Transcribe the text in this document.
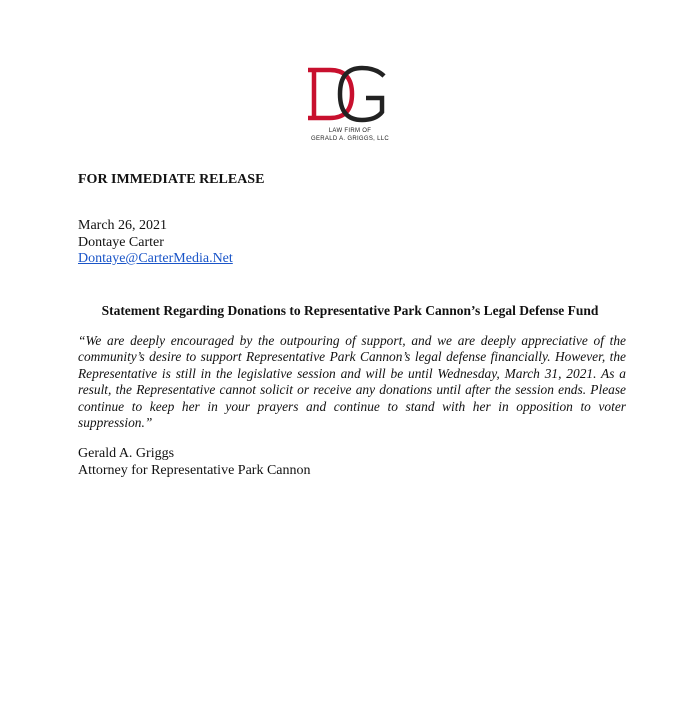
LAW FIRM OF
GERALD A. GRIGGS, LLC
FOR IMMEDIATE RELEASE
March 26, 2021
Dontaye Carter
Dontaye@CarterMedia.Net
Statement Regarding Donations to Representative Park Cannon’s Legal Defense Fund

“We are deeply encouraged by the outpouring of support, and we are deeply appreciative of the community’s desire to support Representative Park Cannon’s legal defense financially. However, the Representative is still in the legislative session and will be until Wednesday, March 31, 2021. As a result, the Representative cannot solicit or receive any donations until after the session ends. Please continue to keep her in your prayers and continue to stand with her in opposition to voter suppression.”

Gerald A. Griggs
Attorney for Representative Park Cannon
